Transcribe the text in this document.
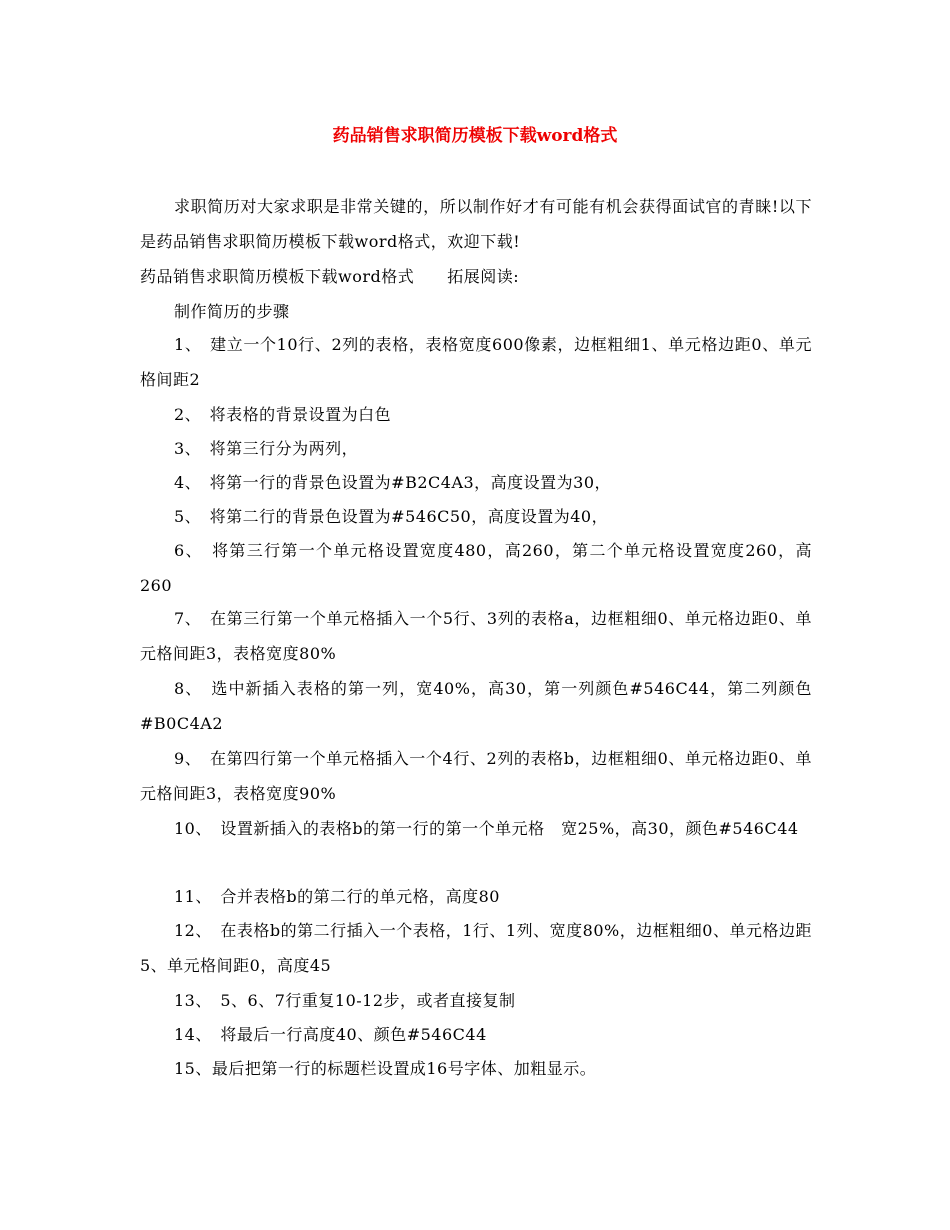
药品销售求职简历模板下载word格式
求职简历对大家求职是非常关键的，所以制作好才有可能有机会获得面试官的青睐!以下是药品销售求职简历模板下载word格式，欢迎下载!
药品销售求职简历模板下载word格式　　拓展阅读:
制作简历的步骤
1、　建立一个10行、2列的表格，表格宽度600像素，边框粗细1、单元格边距0、单元格间距2
2、　将表格的背景设置为白色
3、　将第三行分为两列，
4、　将第一行的背景色设置为#B2C4A3，高度设置为30，
5、　将第二行的背景色设置为#546C50，高度设置为40，
6、　将第三行第一个单元格设置宽度480，高260，第二个单元格设置宽度260，高260
7、　在第三行第一个单元格插入一个5行、3列的表格a，边框粗细0、单元格边距0、单元格间距3，表格宽度80%
8、　选中新插入表格的第一列，宽40%，高30，第一列颜色#546C44，第二列颜色#B0C4A2
9、　在第四行第一个单元格插入一个4行、2列的表格b，边框粗细0、单元格边距0、单元格间距3，表格宽度90%
10、　设置新插入的表格b的第一行的第一个单元格　宽25%，高30，颜色#546C44
11、　合并表格b的第二行的单元格，高度80
12、　在表格b的第二行插入一个表格，1行、1列、宽度80%，边框粗细0、单元格边距5、单元格间距0，高度45
13、　5、6、7行重复10-12步，或者直接复制
14、　将最后一行高度40、颜色#546C44
15、最后把第一行的标题栏设置成16号字体、加粗显示。
